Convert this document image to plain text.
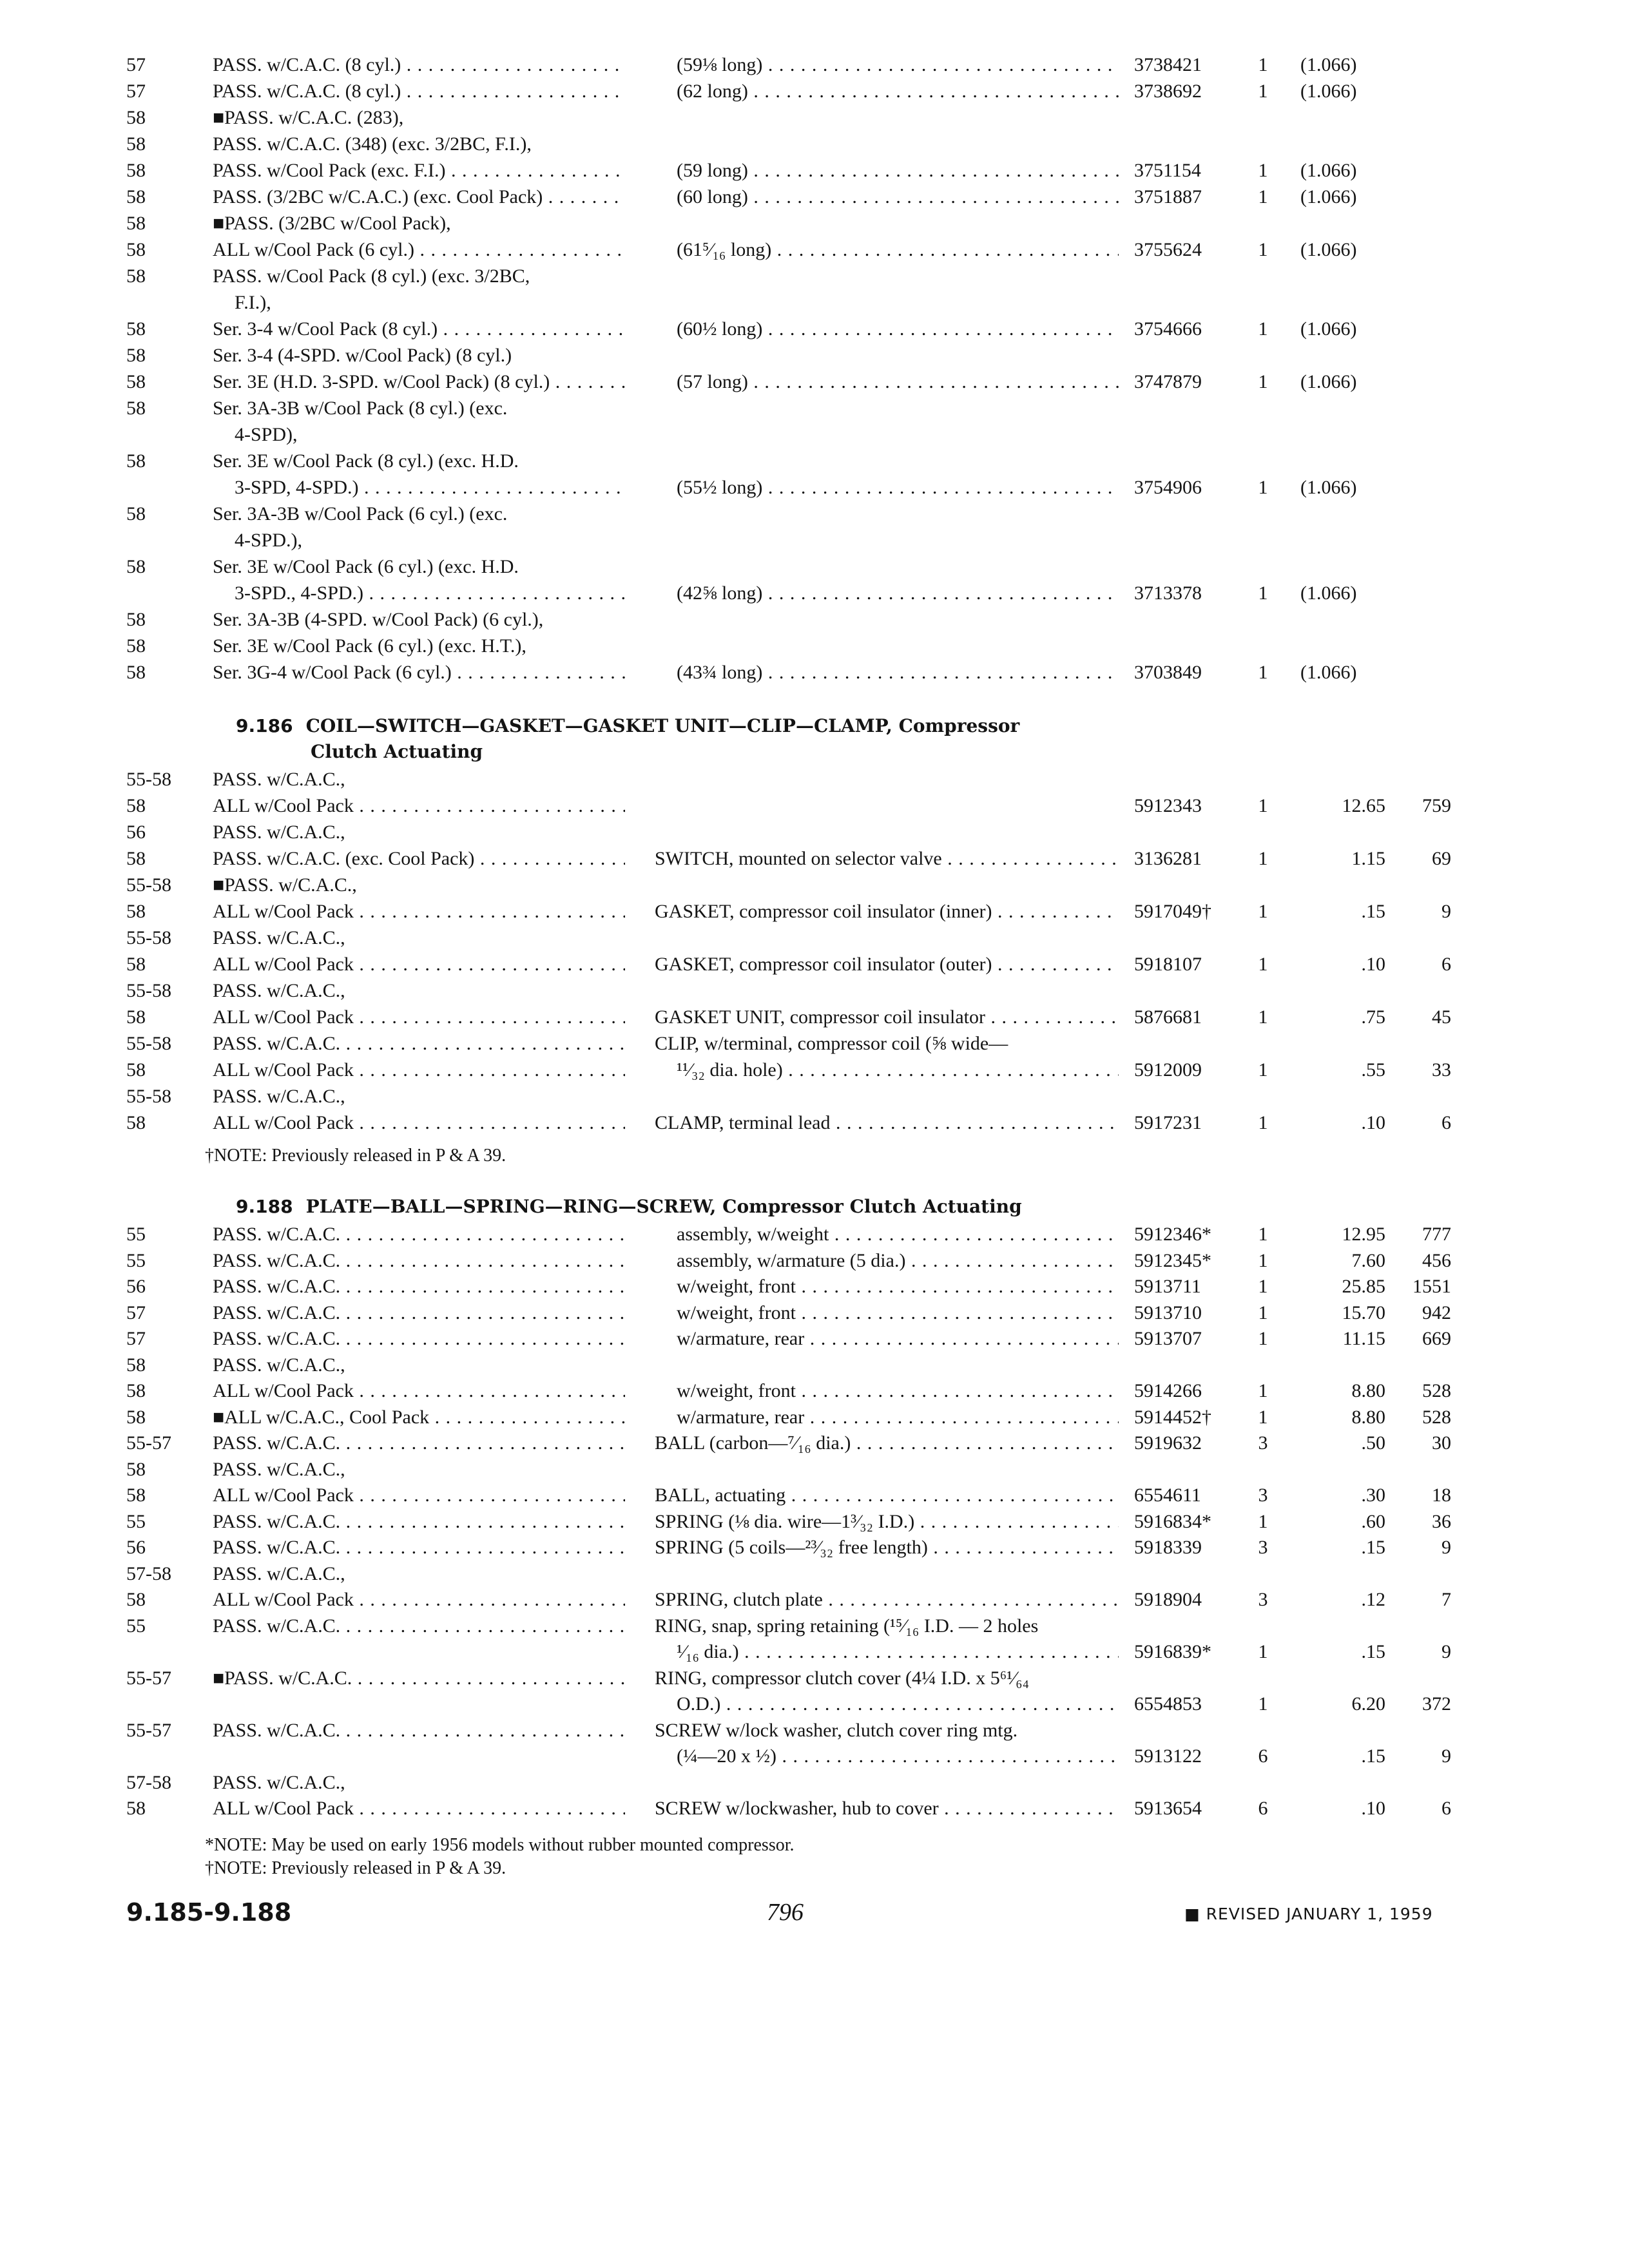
57	PASS. w/C.A.C. (8 cyl.) . . .	(59⅛ long) . . .	3738421	1	(1.066)
57	PASS. w/C.A.C. (8 cyl.) . . .	(62 long) . . .	3738692	1	(1.066)
58	■PASS. w/C.A.C. (283),
58	PASS. w/C.A.C. (348) (exc. 3/2BC, F.I.),
58	PASS. w/Cool Pack (exc. F.I.) . . .	(59 long) . . .	3751154	1	(1.066)
58	PASS. (3/2BC w/C.A.C.) (exc. Cool Pack) . . .	(60 long) . . .	3751887	1	(1.066)
58	■PASS. (3/2BC w/Cool Pack),
58	ALL w/Cool Pack (6 cyl.) . . .	(61⁵⁄₁₆ long) . . .	3755624	1	(1.066)
58	PASS. w/Cool Pack (8 cyl.) (exc. 3/2BC,
F.I.),
58	Ser. 3-4 w/Cool Pack (8 cyl.) . . .	(60½ long) . . .	3754666	1	(1.066)
58	Ser. 3-4 (4-SPD. w/Cool Pack) (8 cyl.)
58	Ser. 3E (H.D. 3-SPD. w/Cool Pack) (8 cyl.) . . .	(57 long) . . .	3747879	1	(1.066)
58	Ser. 3A-3B w/Cool Pack (8 cyl.) (exc.
4-SPD),
58	Ser. 3E w/Cool Pack (8 cyl.) (exc. H.D.
3-SPD, 4-SPD.) . . .	(55½ long) . . .	3754906	1	(1.066)
58	Ser. 3A-3B w/Cool Pack (6 cyl.) (exc.
4-SPD.),
58	Ser. 3E w/Cool Pack (6 cyl.) (exc. H.D.
3-SPD., 4-SPD.) . . .	(42⅝ long) . . .	3713378	1	(1.066)
58	Ser. 3A-3B (4-SPD. w/Cool Pack) (6 cyl.),
58	Ser. 3E w/Cool Pack (6 cyl.) (exc. H.T.),
58	Ser. 3G-4 w/Cool Pack (6 cyl.) . . .	(43¾ long) . . .	3703849	1	(1.066)
9.186 COIL—SWITCH—GASKET—GASKET UNIT—CLIP—CLAMP, Compressor
Clutch Actuating
55-58	PASS. w/C.A.C.,
58	ALL w/Cool Pack . . .	5912343	1	12.65	759
56	PASS. w/C.A.C.,
58	PASS. w/C.A.C. (exc. Cool Pack) . . .	SWITCH, mounted on selector valve . . .	3136281	1	1.15	69
55-58	■PASS. w/C.A.C.,
58	ALL w/Cool Pack . . .	GASKET, compressor coil insulator (inner) . . .	5917049†	1	.15	9
55-58	PASS. w/C.A.C.,
58	ALL w/Cool Pack . . .	GASKET, compressor coil insulator (outer) . . .	5918107	1	.10	6
55-58	PASS. w/C.A.C.,
58	ALL w/Cool Pack . . .	GASKET UNIT, compressor coil insulator . . .	5876681	1	.75	45
55-58	PASS. w/C.A.C. . . .	CLIP, w/terminal, compressor coil (⅝ wide—
58	ALL w/Cool Pack . . .	¹¹⁄₃₂ dia. hole) . . .	5912009	1	.55	33
55-58	PASS. w/C.A.C.,
58	ALL w/Cool Pack . . .	CLAMP, terminal lead . . .	5917231	1	.10	6
†NOTE: Previously released in P & A 39.
9.188 PLATE—BALL—SPRING—RING—SCREW, Compressor Clutch Actuating
55	PASS. w/C.A.C. . . .	assembly, w/weight . . .	5912346*	1	12.95	777
55	PASS. w/C.A.C. . . .	assembly, w/armature (5 dia.) . . .	5912345*	1	7.60	456
56	PASS. w/C.A.C. . . .	w/weight, front . . .	5913711	1	25.85	1551
57	PASS. w/C.A.C. . . .	w/weight, front . . .	5913710	1	15.70	942
57	PASS. w/C.A.C. . . .	w/armature, rear . . .	5913707	1	11.15	669
58	PASS. w/C.A.C.,
58	ALL w/Cool Pack . . .	w/weight, front . . .	5914266	1	8.80	528
58	■ALL w/C.A.C., Cool Pack . . .	w/armature, rear . . .	5914452†	1	8.80	528
55-57	PASS. w/C.A.C. . . .	BALL (carbon—⁷⁄₁₆ dia.) . . .	5919632	3	.50	30
58	PASS. w/C.A.C.,
58	ALL w/Cool Pack . . .	BALL, actuating . . .	6554611	3	.30	18
55	PASS. w/C.A.C. . . .	SPRING (⅛ dia. wire—1³⁄₃₂ I.D.) . . .	5916834*	1	.60	36
56	PASS. w/C.A.C. . . .	SPRING (5 coils—²³⁄₃₂ free length) . . .	5918339	3	.15	9
57-58	PASS. w/C.A.C.,
58	ALL w/Cool Pack . . .	SPRING, clutch plate . . .	5918904	3	.12	7
55	PASS. w/C.A.C. . . .	RING, snap, spring retaining (¹⁵⁄₁₆ I.D. — 2 holes
¹⁄₁₆ dia.) . . .	5916839*	1	.15	9
55-57	■PASS. w/C.A.C. . . .	RING, compressor clutch cover (4¼ I.D. x 5⁶¹⁄₆₄
O.D.) . . .	6554853	1	6.20	372
55-57	PASS. w/C.A.C. . . .	SCREW w/lock washer, clutch cover ring mtg.
(¼—20 x ½) . . .	5913122	6	.15	9
57-58	PASS. w/C.A.C.,
58	ALL w/Cool Pack . . .	SCREW w/lockwasher, hub to cover . . .	5913654	6	.10	6
*NOTE: May be used on early 1956 models without rubber mounted compressor.
†NOTE: Previously released in P & A 39.
9.185-9.188	796	■ REVISED JANUARY 1, 1959
